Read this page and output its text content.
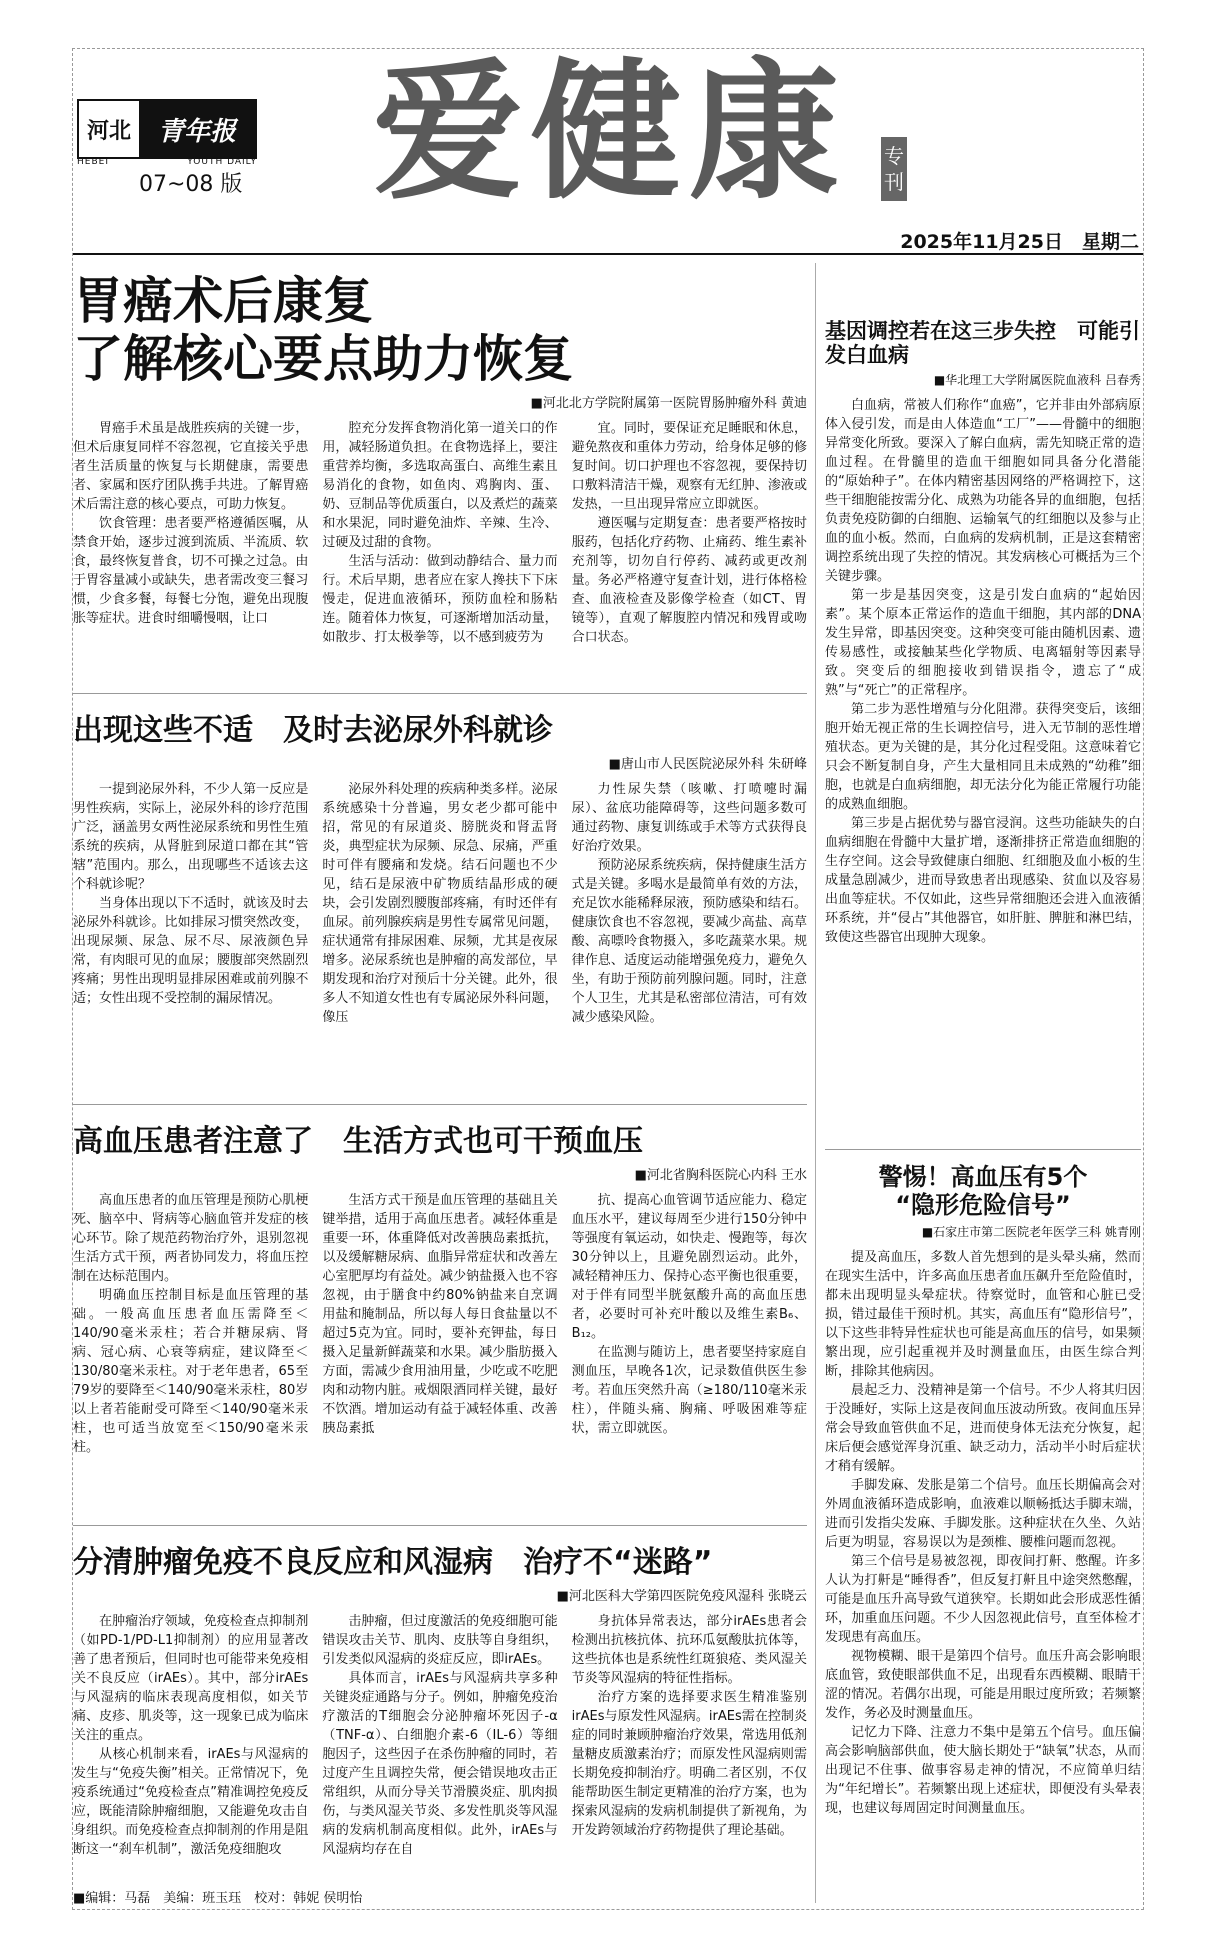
河北	青年报
HEBEI	YOUTH DAILY
07~08 版 爱健康 专刊
2025年11月25日　星期二
胃癌术后康复
了解核心要点助力恢复
■河北北方学院附属第一医院胃肠肿瘤外科 黄迪

胃癌手术虽是战胜疾病的关键一步，但术后康复同样不容忽视，它直接关乎患者生活质量的恢复与长期健康，需要患者、家属和医疗团队携手共进。了解胃癌术后需注意的核心要点，可助力恢复。

饮食管理：患者要严格遵循医嘱，从禁食开始，逐步过渡到流质、半流质、软食，最终恢复普食，切不可操之过急。由于胃容量减小或缺失，患者需改变三餐习惯，少食多餐，每餐七分饱，避免出现腹胀等症状。进食时细嚼慢咽，让口

腔充分发挥食物消化第一道关口的作用，减轻肠道负担。在食物选择上，要注重营养均衡，多选取高蛋白、高维生素且易消化的食物，如鱼肉、鸡胸肉、蛋、奶、豆制品等优质蛋白，以及煮烂的蔬菜和水果泥，同时避免油炸、辛辣、生冷、过硬及过甜的食物。

生活与活动：做到动静结合、量力而行。术后早期，患者应在家人搀扶下下床慢走，促进血液循环，预防血栓和肠粘连。随着体力恢复，可逐渐增加活动量，如散步、打太极拳等，以不感到疲劳为

宜。同时，要保证充足睡眠和休息，避免熬夜和重体力劳动，给身体足够的修复时间。切口护理也不容忽视，要保持切口敷料清洁干燥，观察有无红肿、渗液或发热，一旦出现异常应立即就医。

遵医嘱与定期复查：患者要严格按时服药，包括化疗药物、止痛药、维生素补充剂等，切勿自行停药、减药或更改剂量。务必严格遵守复查计划，进行体格检查、血液检查及影像学检查（如CT、胃镜等），直观了解腹腔内情况和残胃或吻合口状态。

出现这些不适　及时去泌尿外科就诊
■唐山市人民医院泌尿外科 朱研峰

一提到泌尿外科，不少人第一反应是男性疾病，实际上，泌尿外科的诊疗范围广泛，涵盖男女两性泌尿系统和男性生殖系统的疾病，从肾脏到尿道口都在其“管辖”范围内。那么，出现哪些不适该去这个科就诊呢？

当身体出现以下不适时，就该及时去泌尿外科就诊。比如排尿习惯突然改变，出现尿频、尿急、尿不尽、尿液颜色异常，有肉眼可见的血尿；腰腹部突然剧烈疼痛；男性出现明显排尿困难或前列腺不适；女性出现不受控制的漏尿情况。

泌尿外科处理的疾病种类多样。泌尿系统感染十分普遍，男女老少都可能中招，常见的有尿道炎、膀胱炎和肾盂肾炎，典型症状为尿频、尿急、尿痛，严重时可伴有腰痛和发烧。结石问题也不少见，结石是尿液中矿物质结晶形成的硬块，会引发剧烈腰腹部疼痛，有时还伴有血尿。前列腺疾病是男性专属常见问题，症状通常有排尿困难、尿频，尤其是夜尿增多。泌尿系统也是肿瘤的高发部位，早期发现和治疗对预后十分关键。此外，很多人不知道女性也有专属泌尿外科问题，像压

力性尿失禁（咳嗽、打喷嚏时漏尿）、盆底功能障碍等，这些问题多数可通过药物、康复训练或手术等方式获得良好治疗效果。

预防泌尿系统疾病，保持健康生活方式是关键。多喝水是最简单有效的方法，充足饮水能稀释尿液，预防感染和结石。健康饮食也不容忽视，要减少高盐、高草酸、高嘌呤食物摄入，多吃蔬菜水果。规律作息、适度运动能增强免疫力，避免久坐，有助于预防前列腺问题。同时，注意个人卫生，尤其是私密部位清洁，可有效减少感染风险。

高血压患者注意了　生活方式也可干预血压
■河北省胸科医院心内科 王水

高血压患者的血压管理是预防心肌梗死、脑卒中、肾病等心脑血管并发症的核心环节。除了规范药物治疗外，退别忽视生活方式干预，两者协同发力，将血压控制在达标范围内。

明确血压控制目标是血压管理的基础。一般高血压患者血压需降至＜140/90毫米汞柱；若合并糖尿病、肾病、冠心病、心衰等病症，建议降至＜130/80毫米汞柱。对于老年患者，65至79岁的要降至＜140/90毫米汞柱，80岁以上者若能耐受可降至＜140/90毫米汞柱，也可适当放宽至＜150/90毫米汞柱。

生活方式干预是血压管理的基础且关键举措，适用于高血压患者。减轻体重是重要一环，体重降低对改善胰岛素抵抗，以及缓解糖尿病、血脂异常症状和改善左心室肥厚均有益处。减少钠盐摄入也不容忽视，由于膳食中约80%钠盐来自烹调用盐和腌制品，所以每人每日食盐量以不超过5克为宜。同时，要补充钾盐，每日摄入足量新鲜蔬菜和水果。减少脂肪摄入方面，需减少食用油用量，少吃或不吃肥肉和动物内脏。戒烟限酒同样关键，最好不饮酒。增加运动有益于减轻体重、改善胰岛素抵

抗、提高心血管调节适应能力、稳定血压水平，建议每周至少进行150分钟中等强度有氧运动，如快走、慢跑等，每次30分钟以上，且避免剧烈运动。此外，减轻精神压力、保持心态平衡也很重要，对于伴有同型半胱氨酸升高的高血压患者，必要时可补充叶酸以及维生素B₆、B₁₂。

在监测与随访上，患者要坚持家庭自测血压，早晚各1次，记录数值供医生参考。若血压突然升高（≥180/110毫米汞柱），伴随头痛、胸痛、呼吸困难等症状，需立即就医。

分清肿瘤免疫不良反应和风湿病　治疗不“迷路”
■河北医科大学第四医院免疫风湿科 张晓云

在肿瘤治疗领域，免疫检查点抑制剂（如PD-1/PD-L1抑制剂）的应用显著改善了患者预后，但同时也可能带来免疫相关不良反应（irAEs）。其中，部分irAEs与风湿病的临床表现高度相似，如关节痛、皮疹、肌炎等，这一现象已成为临床关注的重点。

从核心机制来看，irAEs与风湿病的发生与“免疫失衡”相关。正常情况下，免疫系统通过“免疫检查点”精准调控免疫反应，既能清除肿瘤细胞，又能避免攻击自身组织。而免疫检查点抑制剂的作用是阻断这一“刹车机制”，激活免疫细胞攻

击肿瘤，但过度激活的免疫细胞可能错误攻击关节、肌肉、皮肤等自身组织，引发类似风湿病的炎症反应，即irAEs。

具体而言，irAEs与风湿病共享多种关键炎症通路与分子。例如，肿瘤免疫治疗激活的T细胞会分泌肿瘤坏死因子-α（TNF-α）、白细胞介素-6（IL-6）等细胞因子，这些因子在杀伤肿瘤的同时，若过度产生且调控失常，便会错误地攻击正常组织，从而分导关节滑膜炎症、肌肉损伤，与类风湿关节炎、多发性肌炎等风湿病的发病机制高度相似。此外，irAEs与风湿病均存在自

身抗体异常表达，部分irAEs患者会检测出抗核抗体、抗环瓜氨酸肽抗体等，这些抗体也是系统性红斑狼疮、类风湿关节炎等风湿病的特征性指标。

治疗方案的选择要求医生精准鉴别irAEs与原发性风湿病。irAEs需在控制炎症的同时兼顾肿瘤治疗效果，常选用低剂量糖皮质激素治疗；而原发性风湿病则需长期免疫抑制治疗。明确二者区别，不仅能帮助医生制定更精准的治疗方案，也为探索风湿病的发病机制提供了新视角，为开发跨领域治疗药物提供了理论基础。

基因调控若在这三步失控　可能引发白血病
■华北理工大学附属医院血液科 吕春秀

白血病，常被人们称作“血癌”，它并非由外部病原体入侵引发，而是由人体造血“工厂”——骨髓中的细胞异常变化所致。要深入了解白血病，需先知晓正常的造血过程。在骨髓里的造血干细胞如同具备分化潜能的“原始种子”。在体内精密基因网络的严格调控下，这些干细胞能按需分化、成熟为功能各异的血细胞，包括负责免疫防御的白细胞、运输氧气的红细胞以及参与止血的血小板。然而，白血病的发病机制，正是这套精密调控系统出现了失控的情况。其发病核心可概括为三个关键步骤。

第一步是基因突变，这是引发白血病的“起始因素”。某个原本正常运作的造血干细胞，其内部的DNA发生异常，即基因突变。这种突变可能由随机因素、遗传易感性，或接触某些化学物质、电离辐射等因素导致。突变后的细胞接收到错误指令，遗忘了“成熟”与“死亡”的正常程序。

第二步为恶性增殖与分化阻滞。获得突变后，该细胞开始无视正常的生长调控信号，进入无节制的恶性增殖状态。更为关键的是，其分化过程受阻。这意味着它只会不断复制自身，产生大量相同且未成熟的“幼稚”细胞，也就是白血病细胞，却无法分化为能正常履行功能的成熟血细胞。

第三步是占据优势与器官浸润。这些功能缺失的白血病细胞在骨髓中大量扩增，逐渐排挤正常造血细胞的生存空间。这会导致健康白细胞、红细胞及血小板的生成量急剧减少，进而导致患者出现感染、贫血以及容易出血等症状。不仅如此，这些异常细胞还会进入血液循环系统，并“侵占”其他器官，如肝脏、脾脏和淋巴结，致使这些器官出现肿大现象。

警惕！高血压有5个
“隐形危险信号”
■石家庄市第二医院老年医学三科 姚青刚

提及高血压，多数人首先想到的是头晕头痛，然而在现实生活中，许多高血压患者血压飙升至危险值时，都未出现明显头晕症状。待察觉时，血管和心脏已受损，错过最佳干预时机。其实，高血压有“隐形信号”，以下这些非特异性症状也可能是高血压的信号，如果频繁出现，应引起重视并及时测量血压，由医生综合判断，排除其他病因。

晨起乏力、没精神是第一个信号。不少人将其归因于没睡好，实际上这是夜间血压波动所致。夜间血压异常会导致血管供血不足，进而使身体无法充分恢复，起床后便会感觉浑身沉重、缺乏动力，活动半小时后症状才稍有缓解。

手脚发麻、发胀是第二个信号。血压长期偏高会对外周血液循环造成影响，血液难以顺畅抵达手脚末端，进而引发指尖发麻、手脚发胀。这种症状在久坐、久站后更为明显，容易误以为是颈椎、腰椎问题而忽视。

第三个信号是易被忽视，即夜间打鼾、憋醒。许多人认为打鼾是“睡得香”，但反复打鼾且中途突然憋醒，可能是血压升高导致气道狭窄。长期如此会形成恶性循环，加重血压问题。不少人因忽视此信号，直至体检才发现患有高血压。

视物模糊、眼干是第四个信号。血压升高会影响眼底血管，致使眼部供血不足，出现看东西模糊、眼睛干涩的情况。若偶尔出现，可能是用眼过度所致；若频繁发作，务必及时测量血压。

记忆力下降、注意力不集中是第五个信号。血压偏高会影响脑部供血，使大脑长期处于“缺氧”状态，从而出现记不住事、做事容易走神的情况，不应简单归结为“年纪增长”。若频繁出现上述症状，即便没有头晕表现，也建议每周固定时间测量血压。

■编辑：马磊　美编：班玉珏　校对：韩妮 侯明怡
